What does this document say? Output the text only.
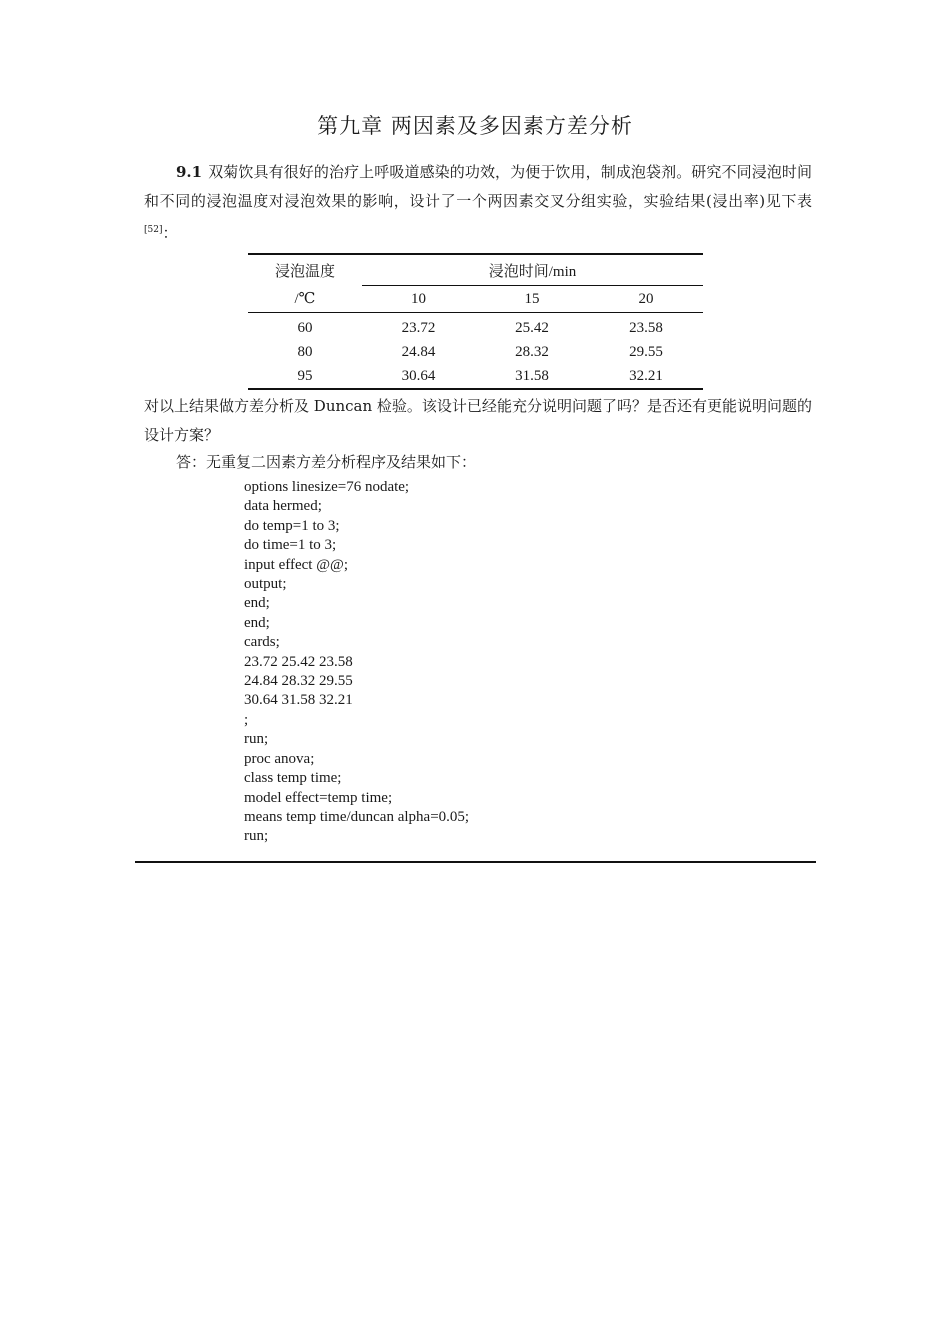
第九章 两因素及多因素方差分析
9.1 双菊饮具有很好的治疗上呼吸道感染的功效，为便于饮用，制成泡袋剂。研究不同浸泡时间和不同的浸泡温度对浸泡效果的影响，设计了一个两因素交叉分组实验，实验结果(浸出率)见下表[52]：
浸泡温度	浸泡时间/min		
/℃	10	15	20
60	23.72	25.42	23.58
80	24.84	28.32	29.55
95	30.64	31.58	32.21
对以上结果做方差分析及 Duncan 检验。该设计已经能充分说明问题了吗？是否还有更能说明问题的设计方案？
答：无重复二因素方差分析程序及结果如下：
options linesize=76 nodate;
data hermed;
do temp=1 to 3;
do time=1 to 3;
input effect @@;
output;
end;
end;
cards;
23.72 25.42 23.58
24.84 28.32 29.55
30.64 31.58 32.21
;
run;
proc anova;
class temp time;
model effect=temp time;
means temp time/duncan alpha=0.05;
run;
